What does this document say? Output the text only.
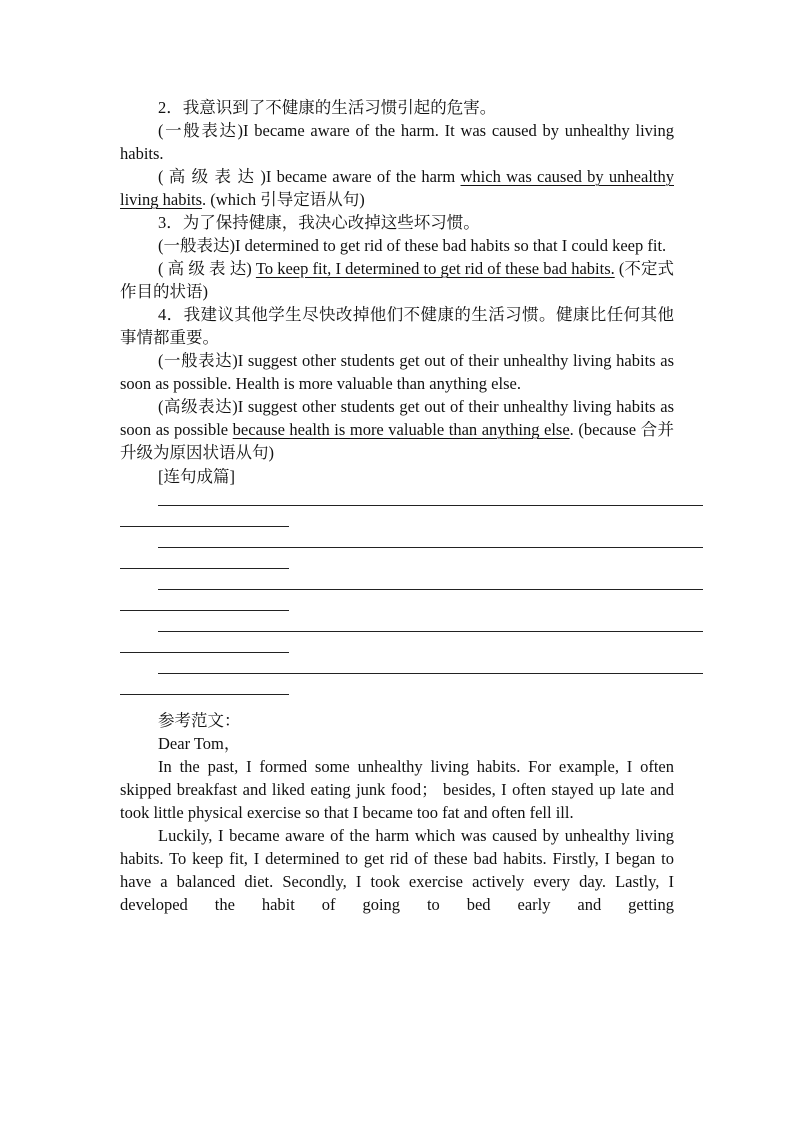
2．我意识到了不健康的生活习惯引起的危害。

(一般表达)I became aware of the harm. It was caused by unhealthy living habits.

( 高 级 表 达 )I became aware of the harm which was caused by unhealthy living habits. (which 引导定语从句)

3．为了保持健康，我决心改掉这些坏习惯。

(一般表达)I determined to get rid of these bad habits so that I could keep fit.

( 高 级 表 达) To keep fit, I determined to get rid of these bad habits. (不定式作目的状语)

4．我建议其他学生尽快改掉他们不健康的生活习惯。健康比任何其他事情都重要。

(一般表达)I suggest other students get out of their unhealthy living habits as soon as possible. Health is more valuable than anything else.

(高级表达)I suggest other students get out of their unhealthy living habits as soon as possible because health is more valuable than anything else. (because 合并升级为原因状语从句)

[连句成篇]

参考范文：

Dear Tom，

In the past, I formed some unhealthy living habits. For example, I often skipped breakfast and liked eating junk food； besides, I often stayed up late and took little physical exercise so that I became too fat and often fell ill.

Luckily, I became aware of the harm which was caused by unhealthy living habits. To keep fit, I determined to get rid of these bad habits. Firstly, I began to have a balanced diet. Secondly, I took exercise actively every day. Lastly, I developed the habit of going to bed early and getting
